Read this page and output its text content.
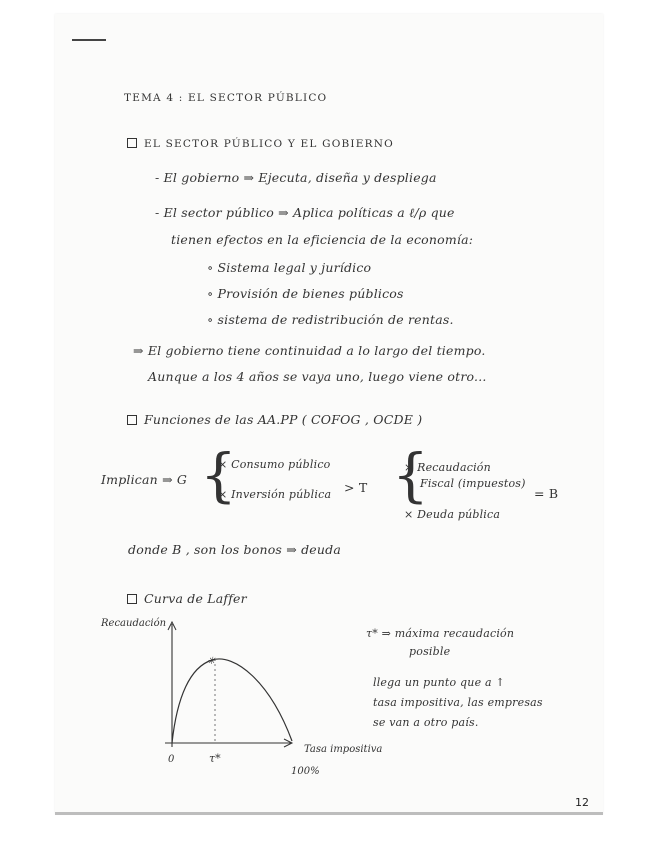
TEMA 4 : EL SECTOR PÚBLICO
EL SECTOR PÚBLICO Y EL GOBIERNO
- El gobierno ⇒ Ejecuta, diseña y despliega
- El sector público ⇒ Aplica políticas a ℓ/ρ que
tienen efectos en la eficiencia de la economía:
∘ Sistema legal y jurídico
∘ Provisión de bienes públicos
∘ sistema de redistribución de rentas.
⇒ El gobierno tiene continuidad a lo largo del tiempo.
Aunque a los 4 años se vaya uno, luego viene otro...
Funciones de las AA.PP ( COFOG , OCDE )
Implican ⇒ G {
× Consumo público
× Inversión pública > T {
× Recaudación
Fiscal (impuestos)
= B
× Deuda pública
donde B , son los bonos ⇒ deuda
Curva de Laffer
Recaudación
✳
0	τ*
Tasa impositiva
100%
τ* ⇒ máxima recaudación
posible
llega un punto que a ↑
tasa impositiva, las empresas
se van a otro país.
12
